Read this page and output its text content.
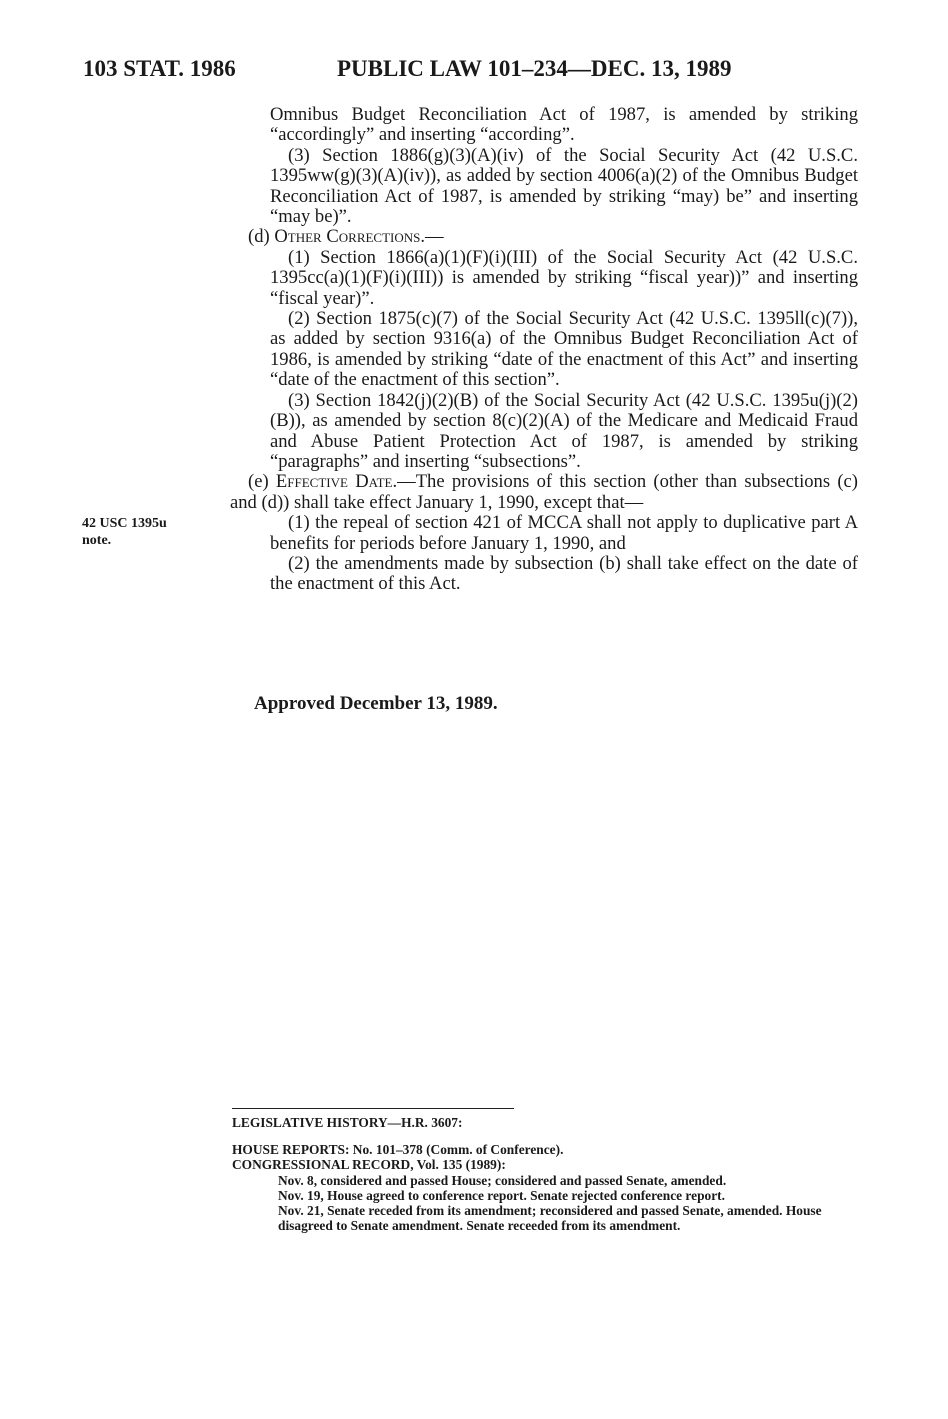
103 STAT. 1986	PUBLIC LAW 101–234—DEC. 13, 1989

Omnibus Budget Reconciliation Act of 1987, is amended by striking “accordingly” and inserting “according”.

(3) Section 1886(g)(3)(A)(iv) of the Social Security Act (42 U.S.C. 1395ww(g)(3)(A)(iv)), as added by section 4006(a)(2) of the Omnibus Budget Reconciliation Act of 1987, is amended by striking “may) be” and inserting “may be)”.

(d) Other Corrections.—

(1) Section 1866(a)(1)(F)(i)(III) of the Social Security Act (42 U.S.C. 1395cc(a)(1)(F)(i)(III)) is amended by striking “fiscal year))” and inserting “fiscal year)”.

(2) Section 1875(c)(7) of the Social Security Act (42 U.S.C. 1395ll(c)(7)), as added by section 9316(a) of the Omnibus Budget Reconciliation Act of 1986, is amended by striking “date of the enactment of this Act” and inserting “date of the enactment of this section”.

(3) Section 1842(j)(2)(B) of the Social Security Act (42 U.S.C. 1395u(j)(2)(B)), as amended by section 8(c)(2)(A) of the Medicare and Medicaid Fraud and Abuse Patient Protection Act of 1987, is amended by striking “paragraphs” and inserting “subsections”.

(e) Effective Date.—The provisions of this section (other than subsections (c) and (d)) shall take effect January 1, 1990, except that—

(1) the repeal of section 421 of MCCA shall not apply to duplicative part A benefits for periods before January 1, 1990, and

(2) the amendments made by subsection (b) shall take effect on the date of the enactment of this Act.

42 USC 1395u
note.
Approved December 13, 1989.

LEGISLATIVE HISTORY—H.R. 3607:

HOUSE REPORTS: No. 101–378 (Comm. of Conference).

CONGRESSIONAL RECORD, Vol. 135 (1989):

Nov. 8, considered and passed House; considered and passed Senate, amended.

Nov. 19, House agreed to conference report. Senate rejected conference report.

Nov. 21, Senate receded from its amendment; reconsidered and passed Senate, amended. House disagreed to Senate amendment. Senate receeded from its amendment.
